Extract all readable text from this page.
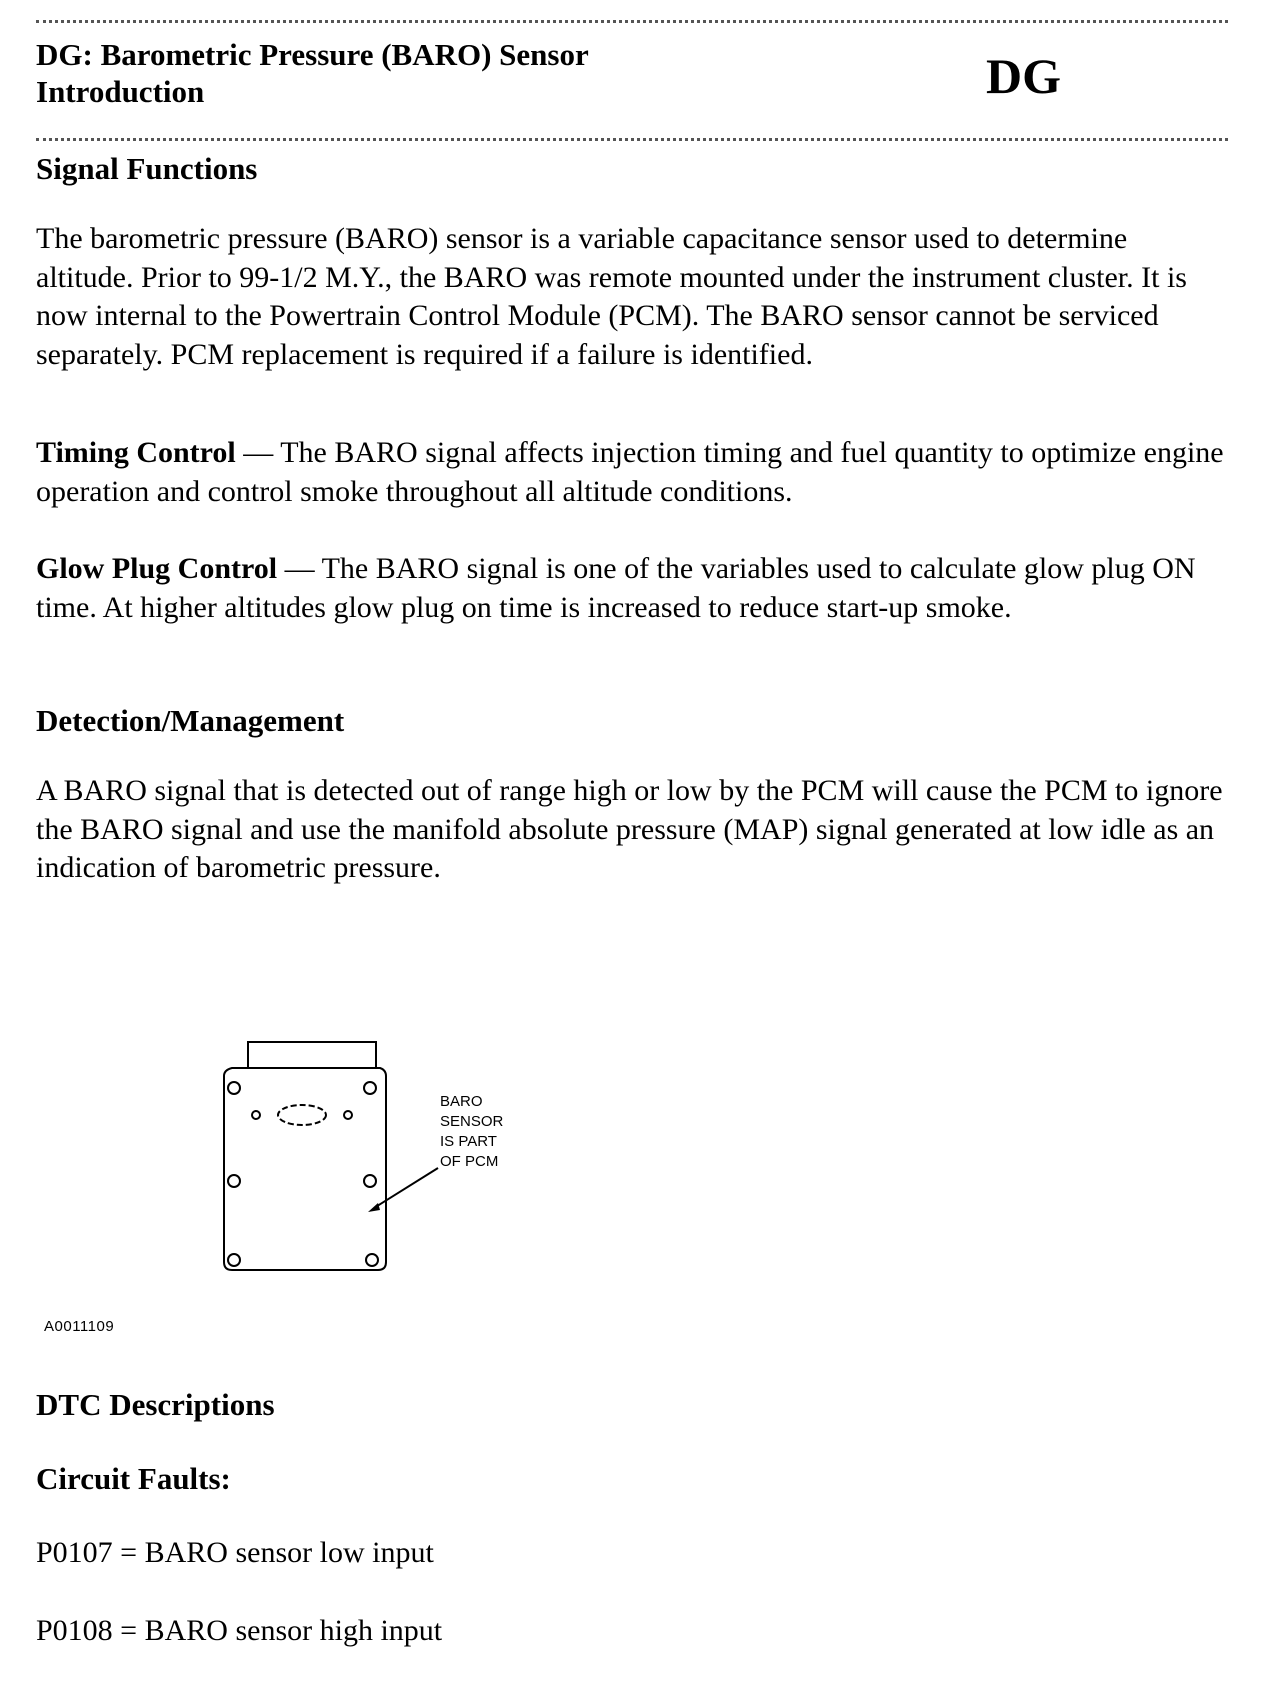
DG: Barometric Pressure (BARO) Sensor
Introduction	DG
Signal Functions

The barometric pressure (BARO) sensor is a variable capacitance sensor used to determine altitude. Prior to 99-1/2 M.Y., the BARO was remote mounted under the instrument cluster. It is now internal to the Powertrain Control Module (PCM). The BARO sensor cannot be serviced separately. PCM replacement is required if a failure is identified.

Timing Control — The BARO signal affects injection timing and fuel quantity to optimize engine operation and control smoke throughout all altitude conditions.

Glow Plug Control — The BARO signal is one of the variables used to calculate glow plug ON time. At higher altitudes glow plug on time is increased to reduce start-up smoke.

Detection/Management

A BARO signal that is detected out of range high or low by the PCM will cause the PCM to ignore the BARO signal and use the manifold absolute pressure (MAP) signal generated at low idle as an indication of barometric pressure.

BARO
SENSOR
IS PART
OF PCM
A0011109
DTC Descriptions
Circuit Faults:

P0107 = BARO sensor low input

P0108 = BARO sensor high input
